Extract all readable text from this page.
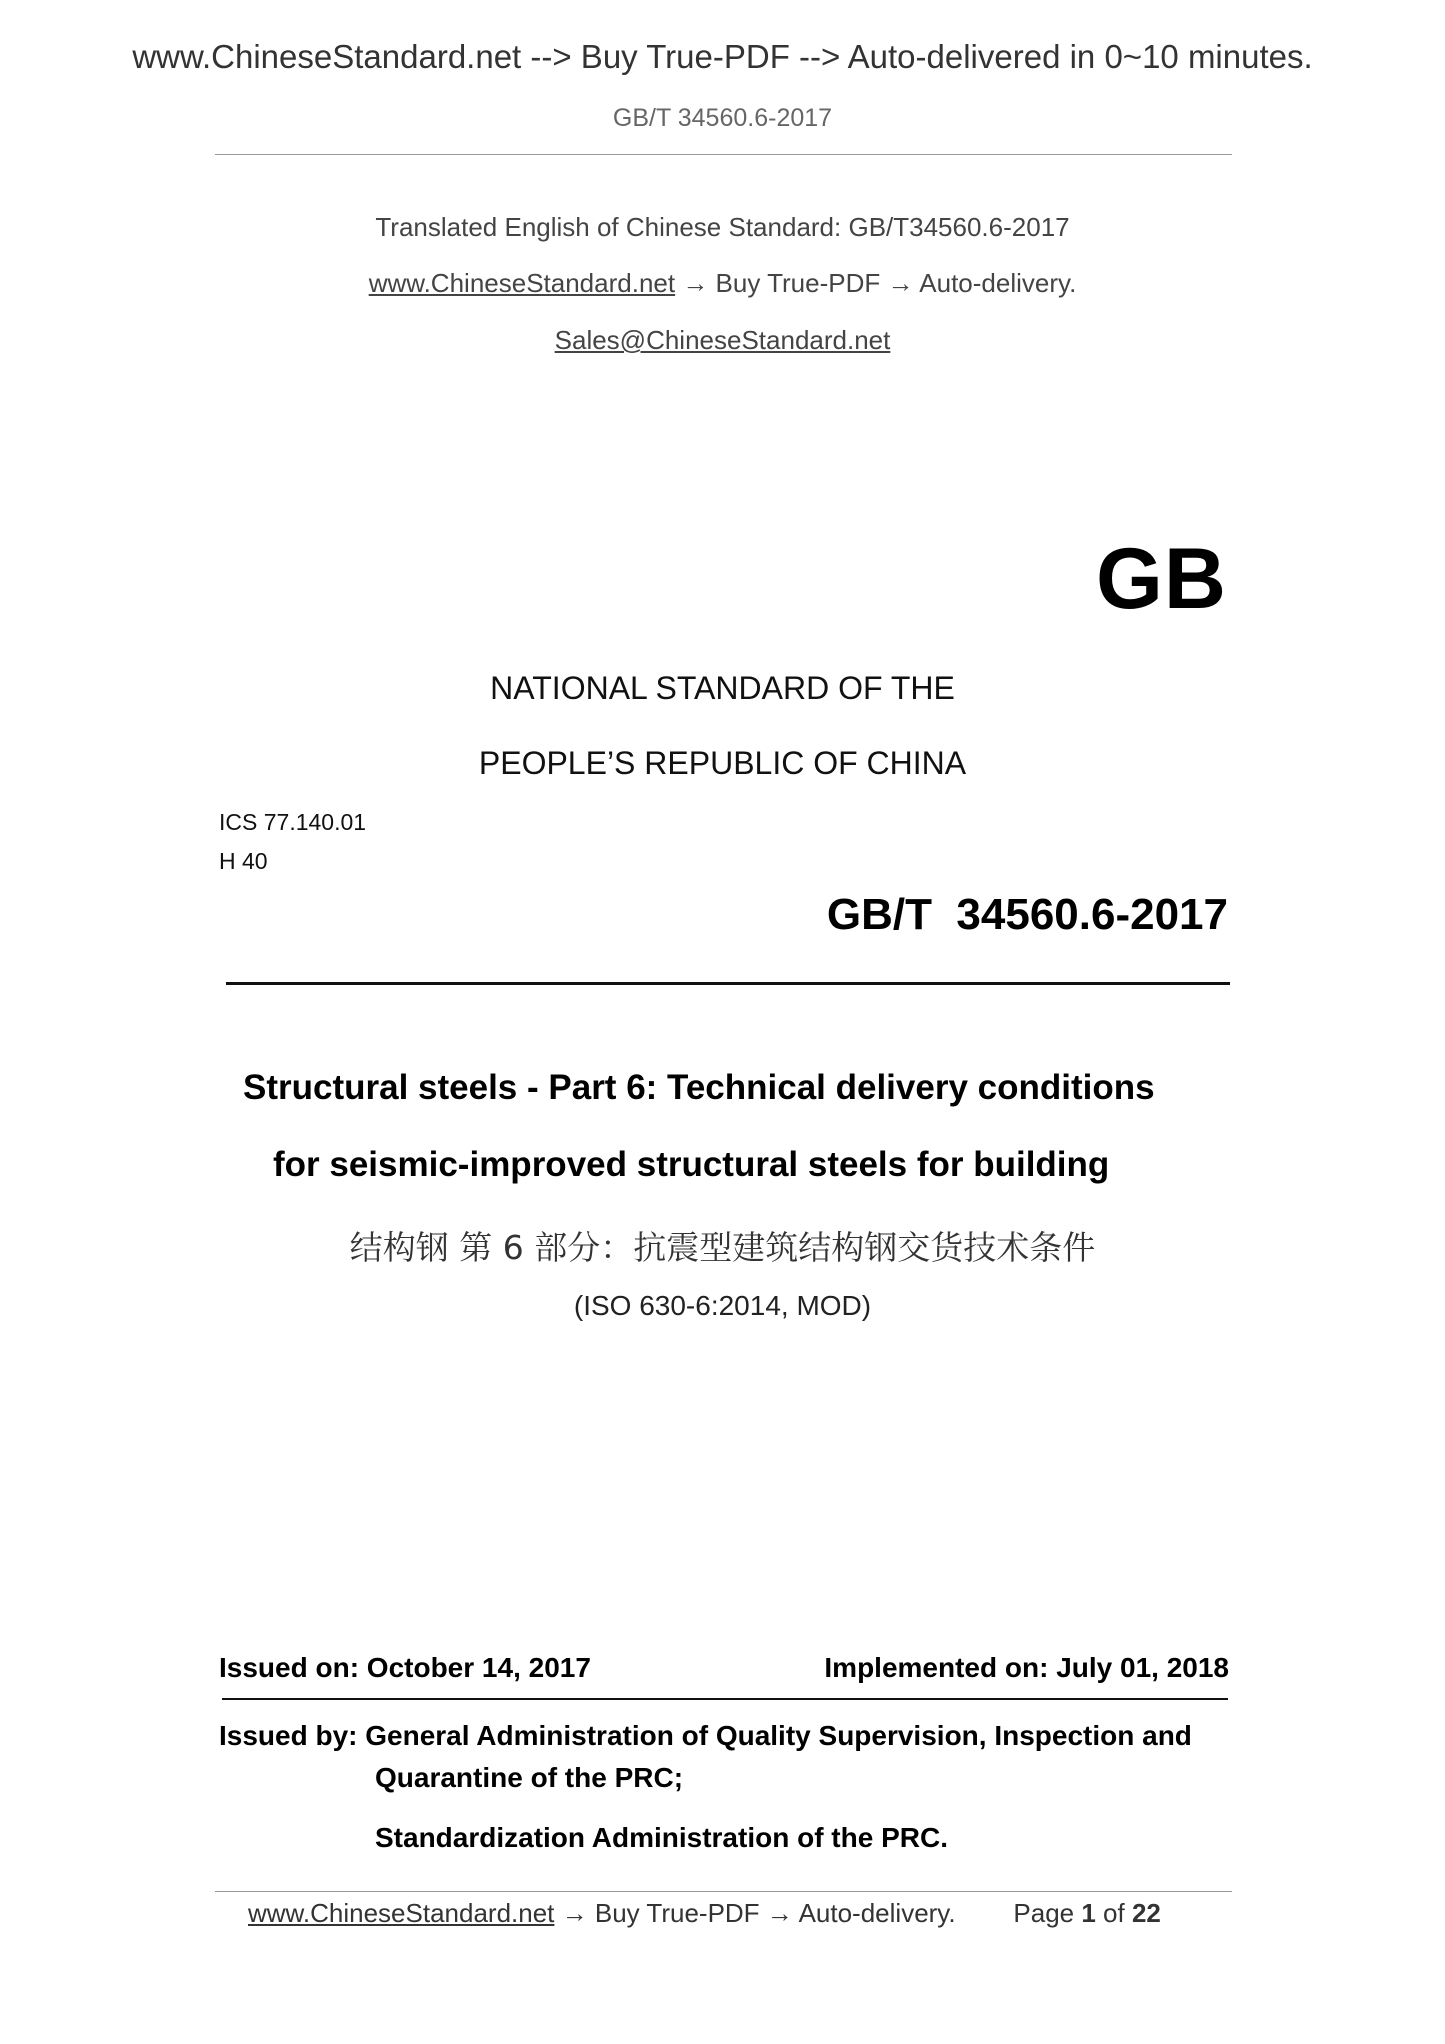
www.ChineseStandard.net --> Buy True-PDF --> Auto-delivered in 0~10 minutes.
GB/T 34560.6-2017
Translated English of Chinese Standard: GB/T34560.6-2017
www.ChineseStandard.net → Buy True-PDF → Auto-delivery.
Sales@ChineseStandard.net
GB
NATIONAL STANDARD OF THE
PEOPLE’S REPUBLIC OF CHINA
ICS 77.140.01
H 40
GB/T  34560.6-2017
Structural steels - Part 6: Technical delivery conditions
for seismic-improved structural steels for building
结构钢 第 6 部分：抗震型建筑结构钢交货技术条件
(ISO 630-6:2014, MOD)
Issued on: October 14, 2017	Implemented on: July 01, 2018
Issued by: General Administration of Quality Supervision, Inspection and
Quarantine of the PRC;
Standardization Administration of the PRC.
www.ChineseStandard.net → Buy True-PDF → Auto-delivery. Page 1 of 22
